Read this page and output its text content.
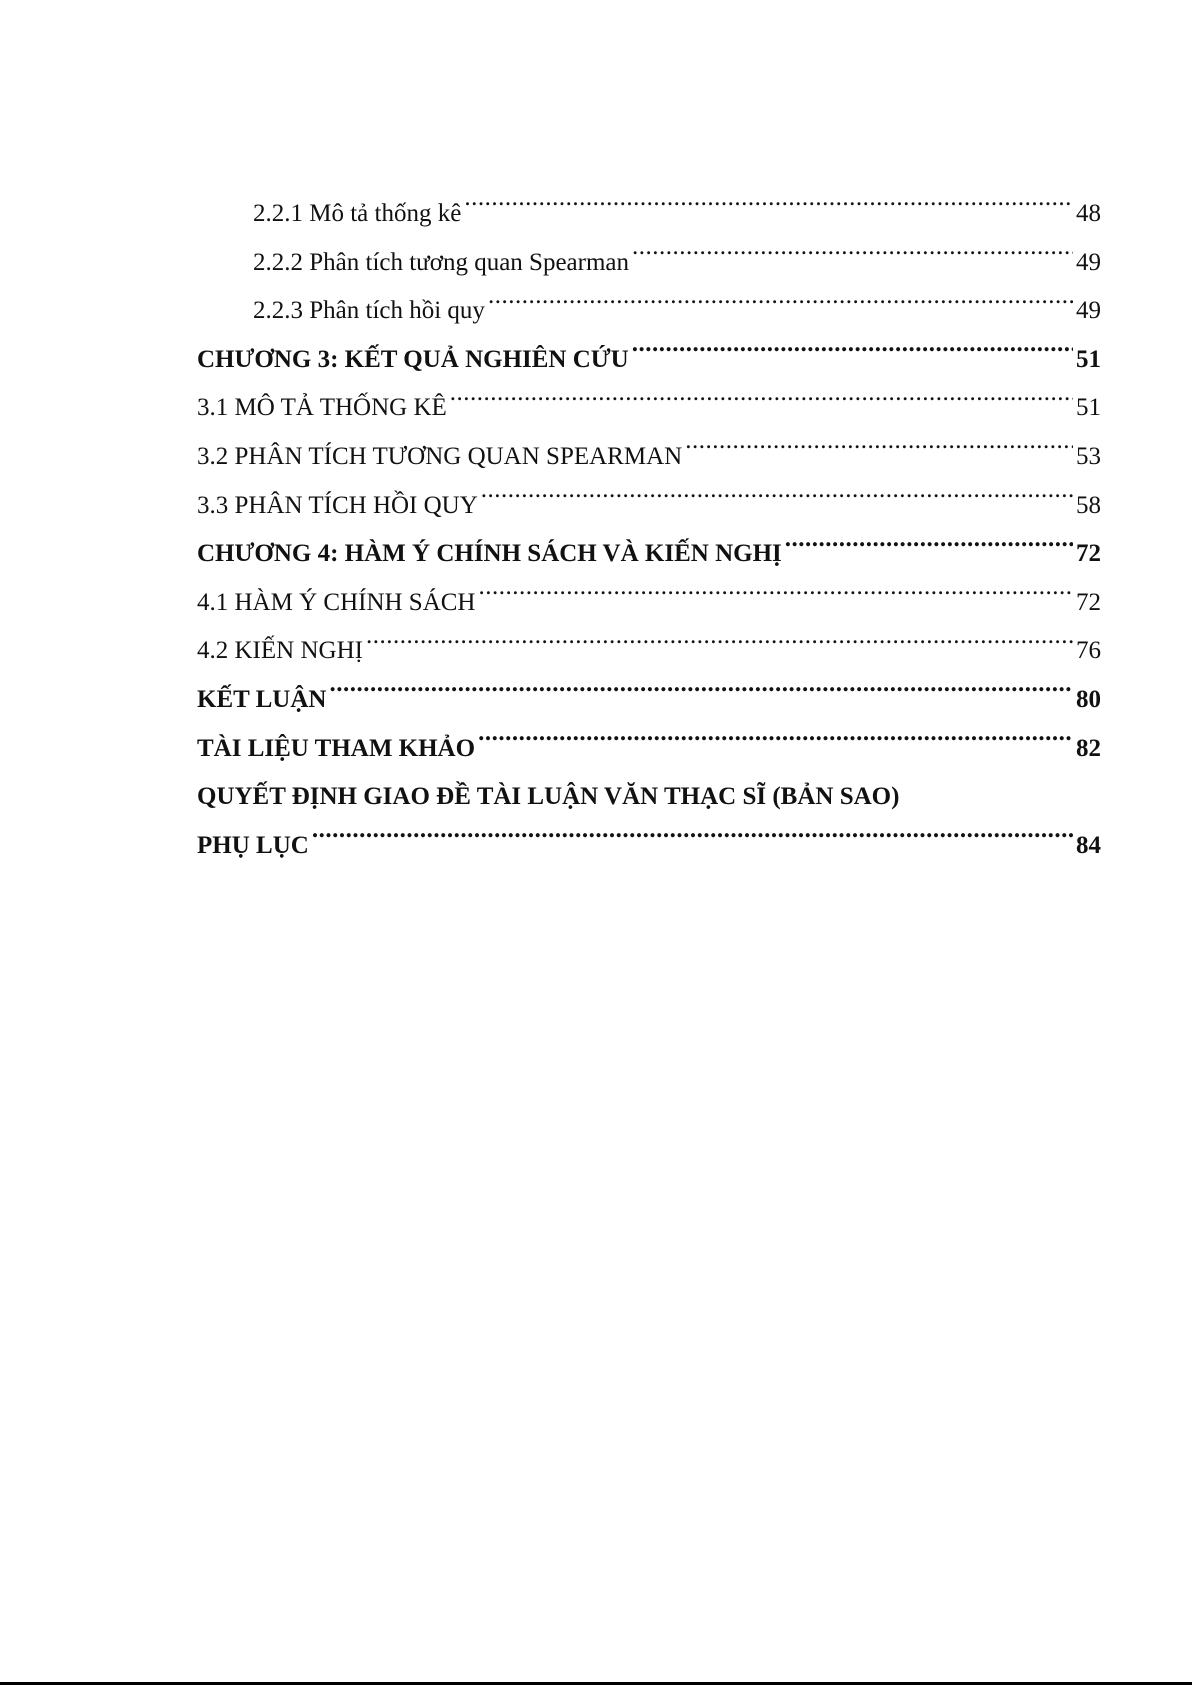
2.2.1 Mô tả thống kê .....	48
2.2.2 Phân tích tương quan Spearman .....	49
2.2.3 Phân tích hồi quy .....	49
CHƯƠNG 3: KẾT QUẢ NGHIÊN CỨU .....	51
3.1 MÔ TẢ THỐNG KÊ .....	51
3.2 PHÂN TÍCH TƯƠNG QUAN SPEARMAN .....	53
3.3 PHÂN TÍCH HỒI QUY .....	58
CHƯƠNG 4: HÀM Ý CHÍNH SÁCH VÀ KIẾN NGHỊ .....	72
4.1 HÀM Ý CHÍNH SÁCH .....	72
4.2 KIẾN NGHỊ .....	76
KẾT LUẬN .....	80
TÀI LIỆU THAM KHẢO .....	82
QUYẾT ĐỊNH GIAO ĐỀ TÀI LUẬN VĂN THẠC SĨ (BẢN SAO)
PHỤ LỤC .....	84
